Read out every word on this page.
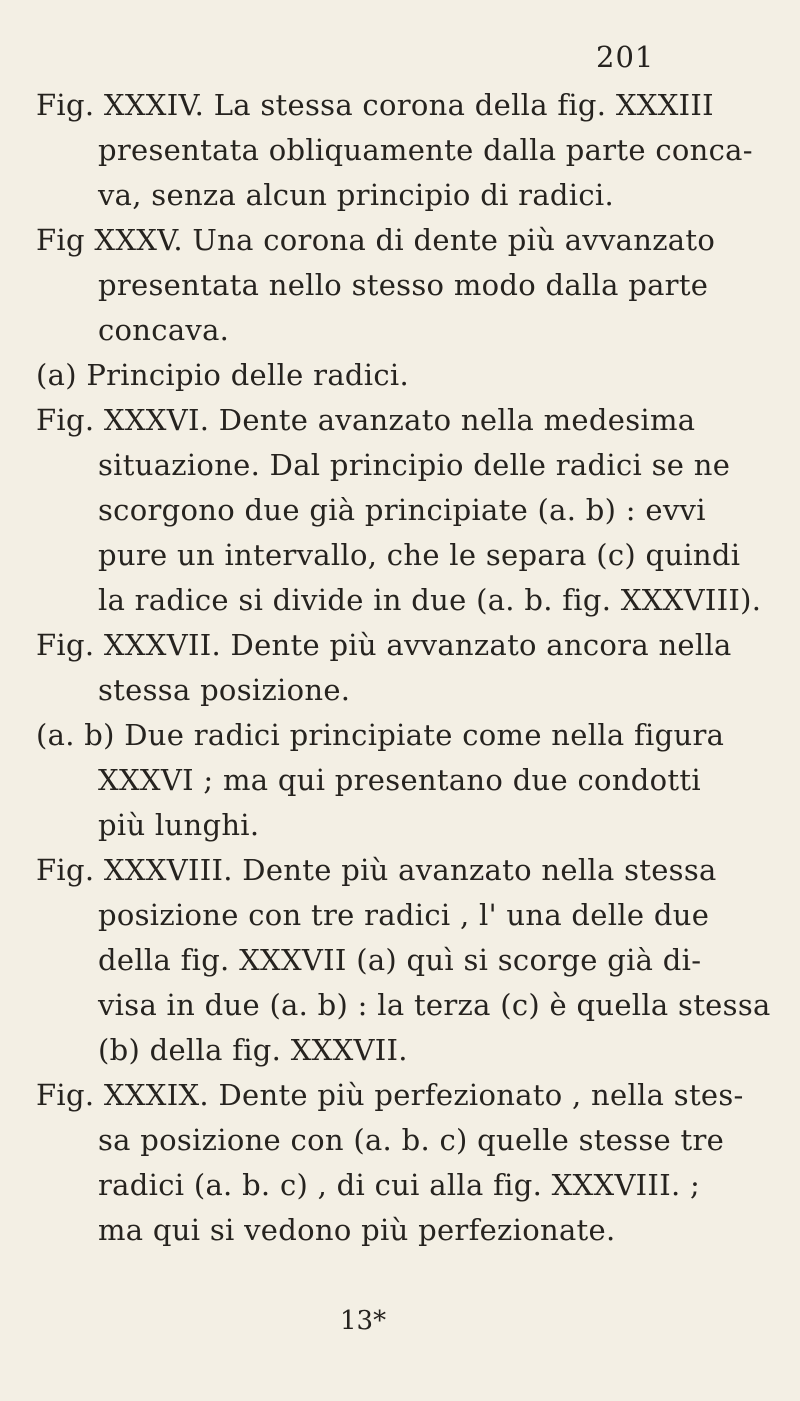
201
Fig. XXXIV. La stessa corona della fig. XXXIII
presentata obliquamente dalla parte conca-
va, senza alcun principio di radici.
Fig XXXV. Una corona di dente più avvanzato
presentata nello stesso modo dalla parte
concava.
(a) Principio delle radici.
Fig. XXXVI. Dente avanzato nella medesima
situazione. Dal principio delle radici se ne
scorgono due già principiate (a. b) : evvi
pure un intervallo, che le separa (c) quindi
la radice si divide in due (a. b. fig. XXXVIII).
Fig. XXXVII. Dente più avvanzato ancora nella
stessa posizione.
(a. b) Due radici principiate come nella figura
XXXVI ; ma qui presentano due condotti
più lunghi.
Fig. XXXVIII. Dente più avanzato nella stessa
posizione con tre radici , l' una delle due
della fig. XXXVII (a) quì si scorge già di-
visa in due (a. b) : la terza (c) è quella stessa
(b) della fig. XXXVII.
Fig. XXXIX. Dente più perfezionato , nella stes-
sa posizione con (a. b. c) quelle stesse tre
radici (a. b. c) , di cui alla fig. XXXVIII. ;
ma qui si vedono più perfezionate.
13*
